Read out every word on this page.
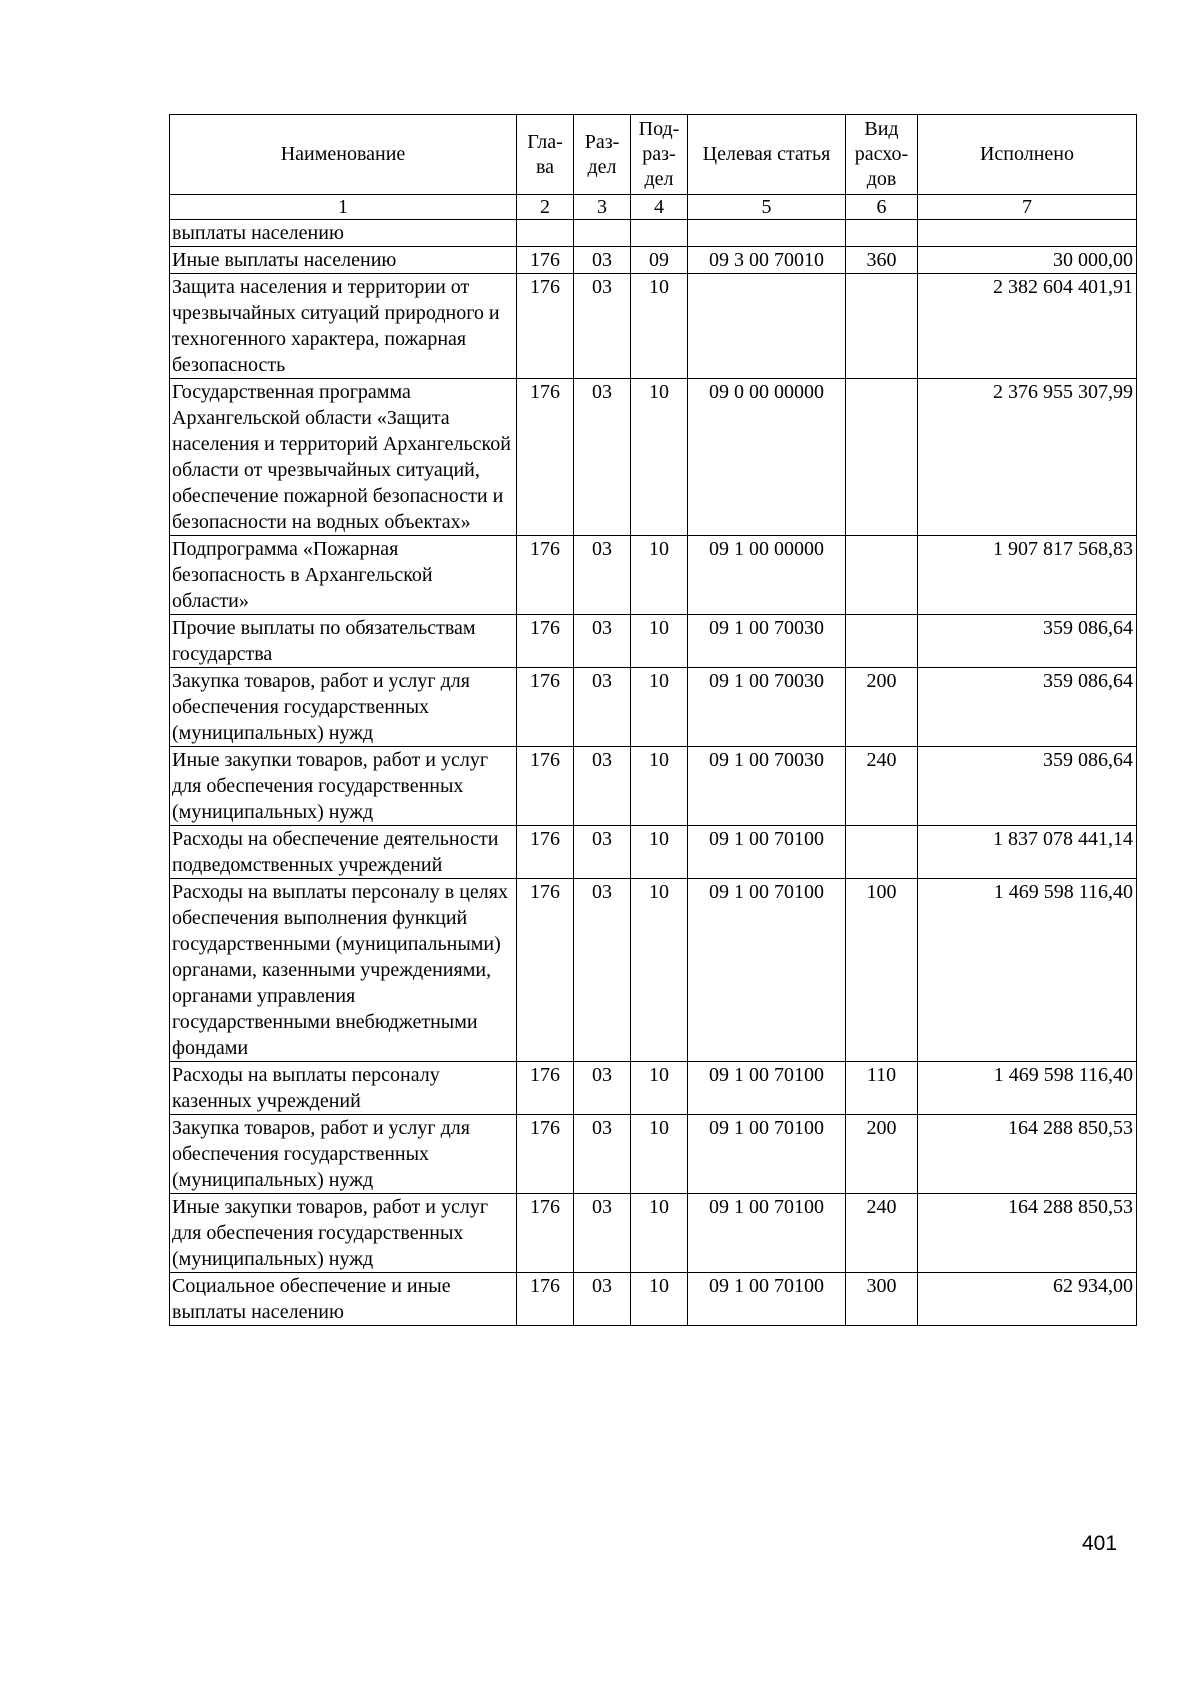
Наименование	Гла-ва	Раз-дел	Под-раз-дел	Целевая статья	Вид расхо-дов	Исполнено
1	2	3	4	5	6	7
выплаты населению						
Иные выплаты населению	176	03	09	09 3 00 70010	360	30 000,00
Защита населения и территории от чрезвычайных ситуаций природного и техногенного характера, пожарная безопасность	176	03	10			2 382 604 401,91
Государственная программа Архангельской области «Защита населения и территорий Архангельской области от чрезвычайных ситуаций, обеспечение пожарной безопасности и безопасности на водных объектах»	176	03	10	09 0 00 00000		2 376 955 307,99
Подпрограмма «Пожарная безопасность в Архангельской области»	176	03	10	09 1 00 00000		1 907 817 568,83
Прочие выплаты по обязательствам государства	176	03	10	09 1 00 70030		359 086,64
Закупка товаров, работ и услуг для обеспечения государственных (муниципальных) нужд	176	03	10	09 1 00 70030	200	359 086,64
Иные закупки товаров, работ и услуг для обеспечения государственных (муниципальных) нужд	176	03	10	09 1 00 70030	240	359 086,64
Расходы на обеспечение деятельности подведомственных учреждений	176	03	10	09 1 00 70100		1 837 078 441,14
Расходы на выплаты персоналу в целях обеспечения выполнения функций государственными (муниципальными) органами, казенными учреждениями, органами управления государственными внебюджетными фондами	176	03	10	09 1 00 70100	100	1 469 598 116,40
Расходы на выплаты персоналу казенных учреждений	176	03	10	09 1 00 70100	110	1 469 598 116,40
Закупка товаров, работ и услуг для обеспечения государственных (муниципальных) нужд	176	03	10	09 1 00 70100	200	164 288 850,53
Иные закупки товаров, работ и услуг для обеспечения государственных (муниципальных) нужд	176	03	10	09 1 00 70100	240	164 288 850,53
Социальное обеспечение и иные выплаты населению	176	03	10	09 1 00 70100	300	62 934,00
401
